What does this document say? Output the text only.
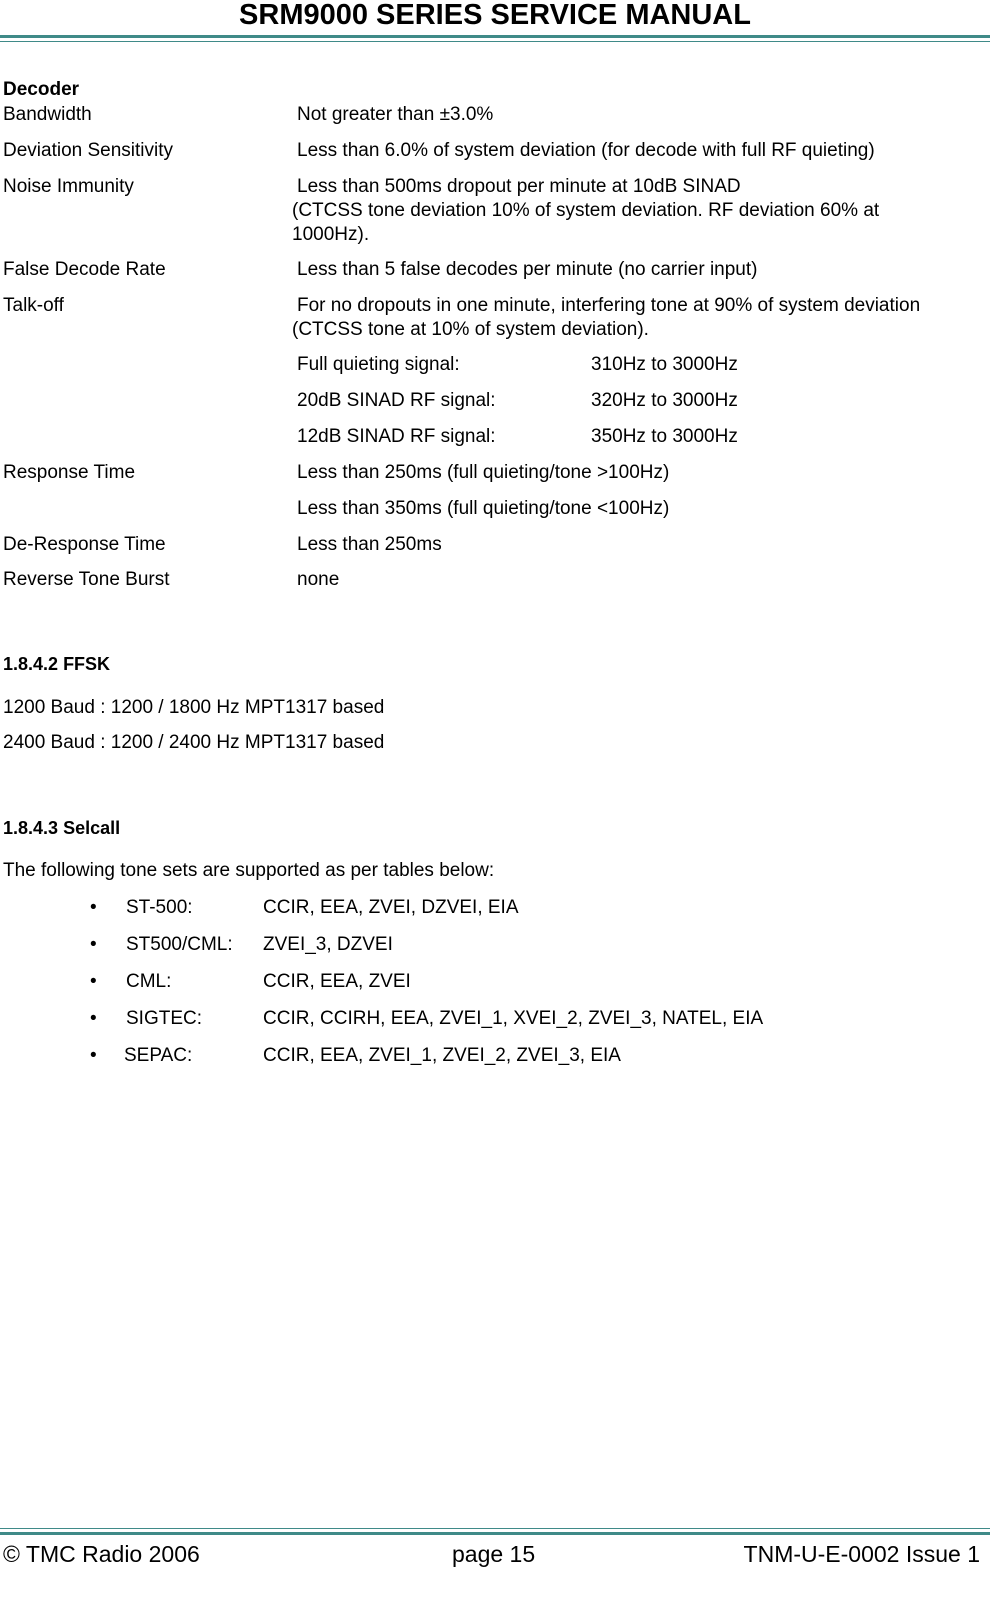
SRM9000 SERIES SERVICE MANUAL
Decoder
Bandwidth	Not greater than ±3.0%
Deviation Sensitivity	Less than 6.0% of system deviation (for decode with full RF quieting)
Noise Immunity	Less than 500ms dropout per minute at 10dB SINAD
(CTCSS tone deviation 10% of system deviation. RF deviation 60% at
1000Hz).
False Decode Rate	Less than 5 false decodes per minute (no carrier input)
Talk-off	For no dropouts in one minute, interfering tone at 90% of system deviation
(CTCSS tone at 10% of system deviation).
Full quieting signal:	310Hz to 3000Hz
20dB SINAD RF signal:	320Hz to 3000Hz
12dB SINAD RF signal:	350Hz to 3000Hz
Response Time	Less than 250ms (full quieting/tone >100Hz)
Less than 350ms (full quieting/tone <100Hz)
De-Response Time	Less than 250ms
Reverse Tone Burst	none
1.8.4.2 FFSK
1200 Baud : 1200 / 1800 Hz MPT1317 based
2400 Baud : 1200 / 2400 Hz MPT1317 based
1.8.4.3 Selcall
The following tone sets are supported as per tables below:
• ST-500:	CCIR, EEA, ZVEI, DZVEI, EIA
• ST500/CML: ZVEI_3, DZVEI
• CML:	CCIR, EEA, ZVEI
• SIGTEC:	CCIR, CCIRH, EEA, ZVEI_1, XVEI_2, ZVEI_3, NATEL, EIA
• SEPAC:	CCIR, EEA, ZVEI_1, ZVEI_2, ZVEI_3, EIA
© TMC Radio 2006	page 15	TNM-U-E-0002 Issue 1
